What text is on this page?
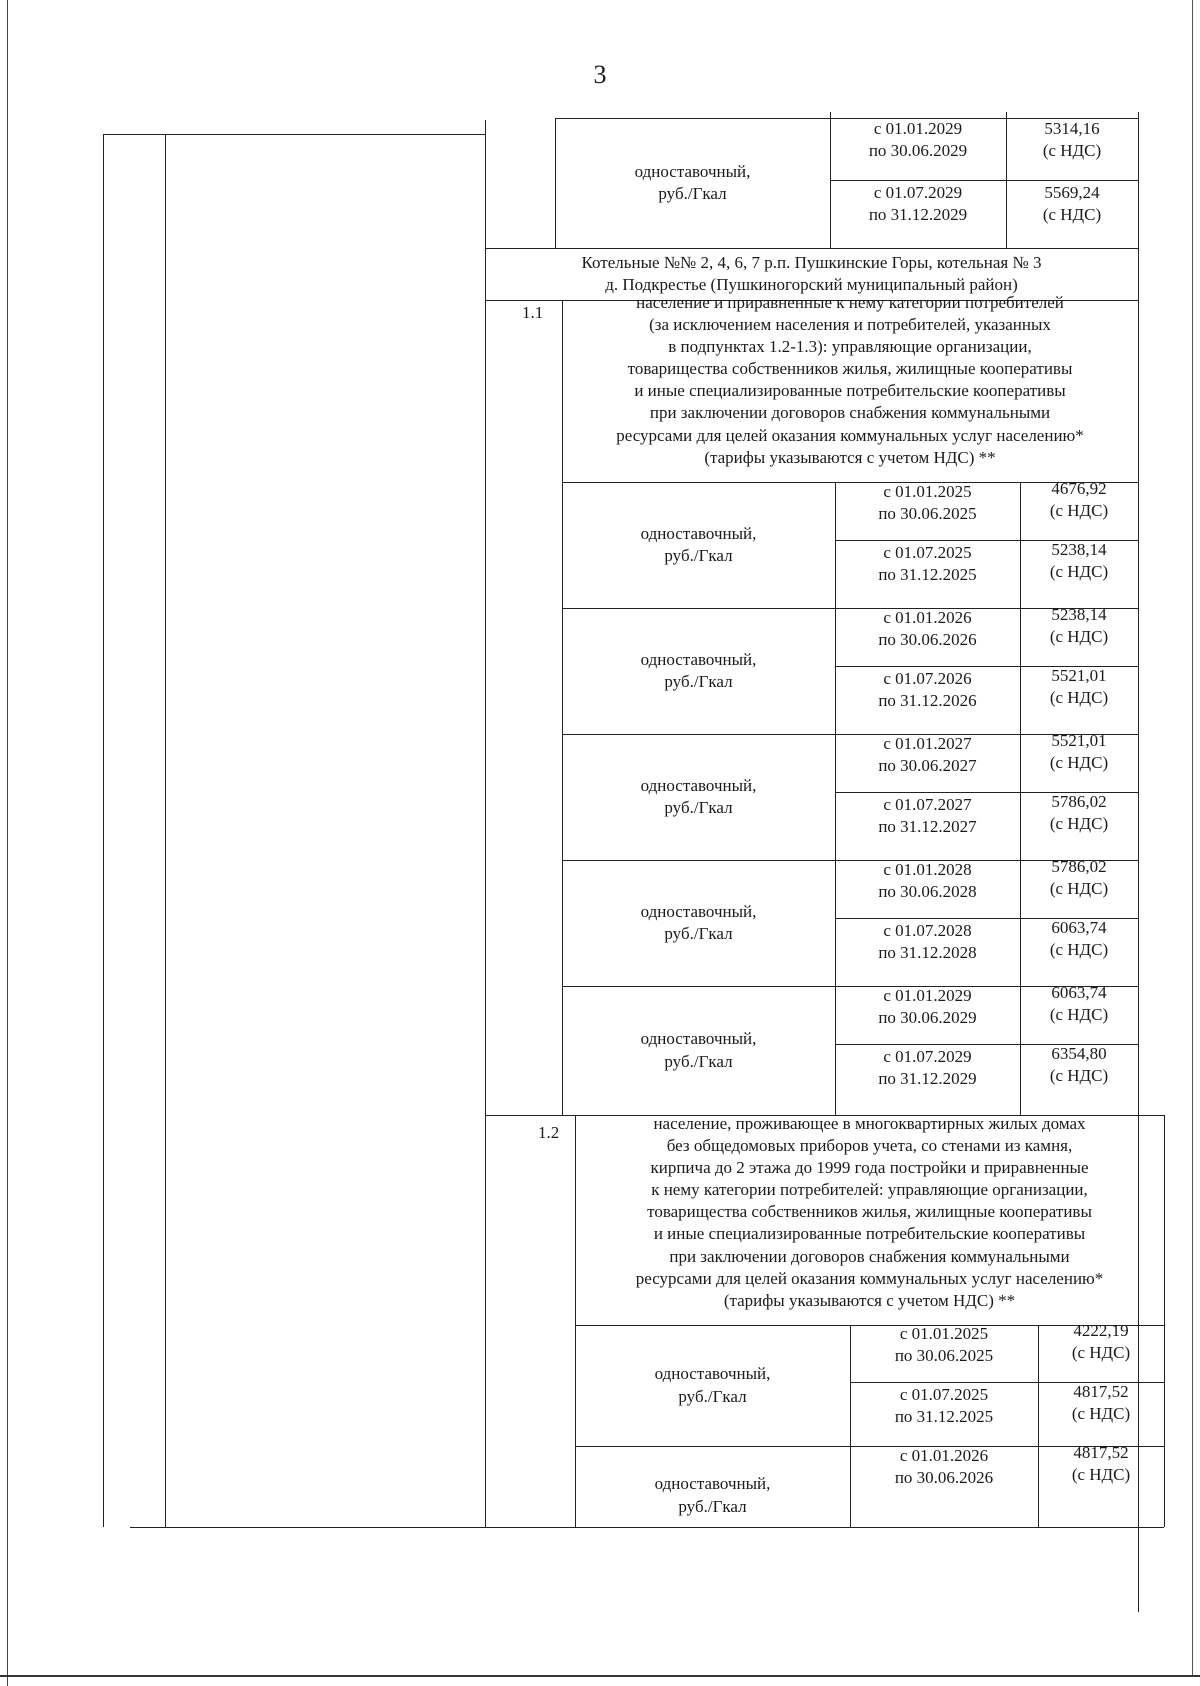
3
одноставочный,
руб./Гкал
с 01.01.2029
по 30.06.2029
5314,16
(с НДС)
с 01.07.2029
по 31.12.2029
5569,24
(с НДС)
Котельные №№ 2, 4, 6, 7 р.п. Пушкинские Горы, котельная № 3
д. Подкрестье (Пушкиногорский муниципальный район)
1.1
население и приравненные к нему категории потребителей
(за исключением населения и потребителей, указанных
в подпунктах 1.2-1.3): управляющие организации,
товарищества собственников жилья, жилищные кооперативы
и иные специализированные потребительские кооперативы
при заключении договоров снабжения коммунальными
ресурсами для целей оказания коммунальных услуг населению*
(тарифы указываются с учетом НДС) **
одноставочный,
руб./Гкал
с 01.01.2025
по 30.06.2025
4676,92
(с НДС)
с 01.07.2025
по 31.12.2025
5238,14
(с НДС)
одноставочный,
руб./Гкал
с 01.01.2026
по 30.06.2026
5238,14
(с НДС)
с 01.07.2026
по 31.12.2026
5521,01
(с НДС)
одноставочный,
руб./Гкал
с 01.01.2027
по 30.06.2027
5521,01
(с НДС)
с 01.07.2027
по 31.12.2027
5786,02
(с НДС)
одноставочный,
руб./Гкал
с 01.01.2028
по 30.06.2028
5786,02
(с НДС)
с 01.07.2028
по 31.12.2028
6063,74
(с НДС)
одноставочный,
руб./Гкал
с 01.01.2029
по 30.06.2029
6063,74
(с НДС)
с 01.07.2029
по 31.12.2029
6354,80
(с НДС)
1.2	население, проживающее в многоквартирных жилых домах
без общедомовых приборов учета, со стенами из камня,
кирпича до 2 этажа до 1999 года постройки и приравненные
к нему категории потребителей: управляющие организации,
товарищества собственников жилья, жилищные кооперативы
и иные специализированные потребительские кооперативы
при заключении договоров снабжения коммунальными
ресурсами для целей оказания коммунальных услуг населению*
(тарифы указываются с учетом НДС) **
одноставочный,
руб./Гкал
с 01.01.2025
по 30.06.2025
4222,19
(с НДС)
с 01.07.2025
по 31.12.2025
4817,52
(с НДС)
одноставочный,
руб./Гкал
с 01.01.2026
по 30.06.2026
4817,52
(с НДС)
